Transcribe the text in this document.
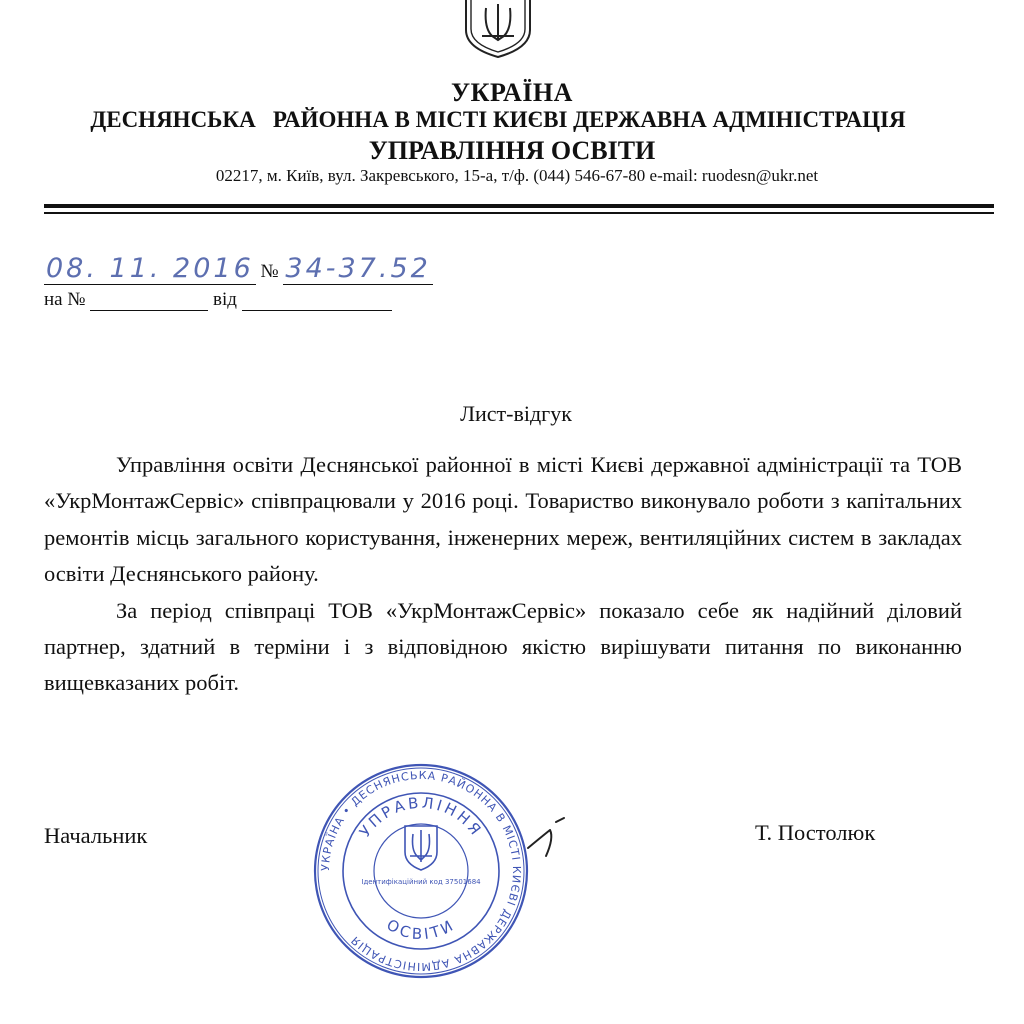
УКРАЇНА
ДЕСНЯНСЬКА   РАЙОННА В МІСТІ КИЄВІ ДЕРЖАВНА АДМІНІСТРАЦІЯ
УПРАВЛІННЯ ОСВІТИ
02217, м. Київ, вул. Закревського, 15-а, т/ф. (044) 546-67-80 e-mail: ruodesn@ukr.net
08. 11. 2016 № 34-37.52
на №	від
Лист-відгук

Управління освіти Деснянської районної в місті Києві державної адміністрації та ТОВ «УкрМонтажСервіс» співпрацювали у 2016 році. Товариство виконувало роботи з капітальних ремонтів місць загального користування, інженерних мереж, вентиляційних систем в закладах освіти Деснянського району.

За період співпраці ТОВ «УкрМонтажСервіс» показало себе як надійний діловий партнер, здатний в терміни і з відповідною якістю вирішувати питання по виконанню вищевказаних робіт.

УКРАЇНА • ДЕСНЯНСЬКА РАЙОННА В МІСТІ КИЄВІ ДЕРЖАВНА АДМІНІСТРАЦІЯ
УПРАВЛІННЯ
ОСВІТИ
Ідентифікаційний код 37501684
Начальник	Т. Постолюк
